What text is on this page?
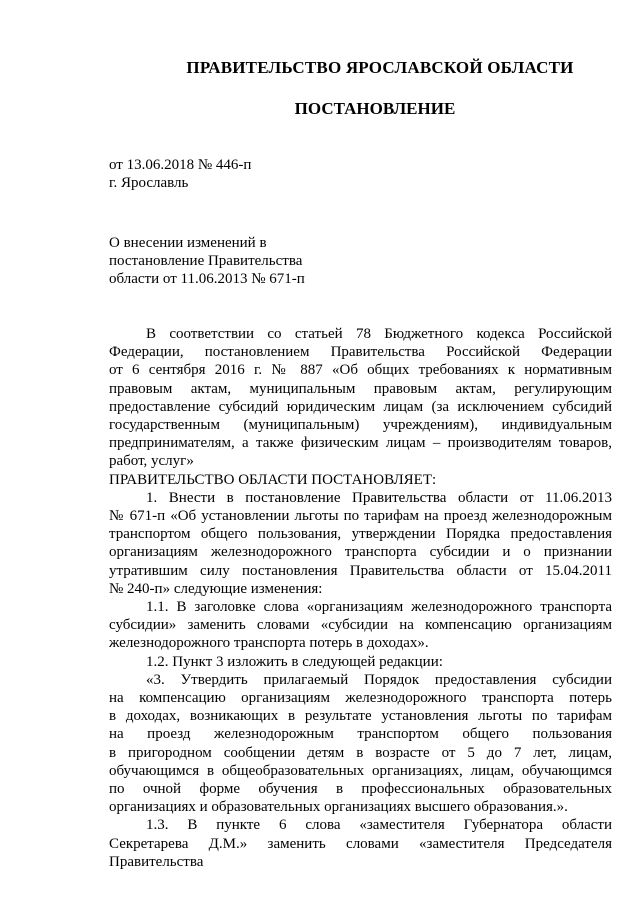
ПРАВИТЕЛЬСТВО ЯРОСЛАВСКОЙ ОБЛАСТИ
ПОСТАНОВЛЕНИЕ
от 13.06.2018 № 446-п
г. Ярославль
О внесении изменений в
постановление Правительства
области от 11.06.2013 № 671-п

В соответствии со статьей 78 Бюджетного кодекса Российской

Федерации, постановлением Правительства Российской Федерации

от 6 сентября 2016 г. № 887 «Об общих требованиях к нормативным

правовым актам, муниципальным правовым актам, регулирующим

предоставление субсидий юридическим лицам (за исключением субсидий

государственным (муниципальным) учреждениям), индивидуальным

предпринимателям, а также физическим лицам – производителям товаров,

работ, услуг»

ПРАВИТЕЛЬСТВО ОБЛАСТИ ПОСТАНОВЛЯЕТ:

1. Внести в постановление Правительства области от 11.06.2013

№ 671-п «Об установлении льготы по тарифам на проезд железнодорожным

транспортом общего пользования, утверждении Порядка предоставления

организациям железнодорожного транспорта субсидии и о признании

утратившим силу постановления Правительства области от 15.04.2011

№ 240-п» следующие изменения:

1.1. В заголовке слова «организациям железнодорожного транспорта

субсидии» заменить словами «субсидии на компенсацию организациям

железнодорожного транспорта потерь в доходах».

1.2. Пункт 3 изложить в следующей редакции:

«3. Утвердить прилагаемый Порядок предоставления субсидии

на компенсацию организациям железнодорожного транспорта потерь

в доходах, возникающих в результате установления льготы по тарифам

на проезд железнодорожным транспортом общего пользования

в пригородном сообщении детям в возрасте от 5 до 7 лет, лицам,

обучающимся в общеобразовательных организациях, лицам, обучающимся

по очной форме обучения в профессиональных образовательных

организациях и образовательных организациях высшего образования.».

1.3. В пункте 6 слова «заместителя Губернатора области

Секретарева Д.М.» заменить словами «заместителя Председателя Правительства
